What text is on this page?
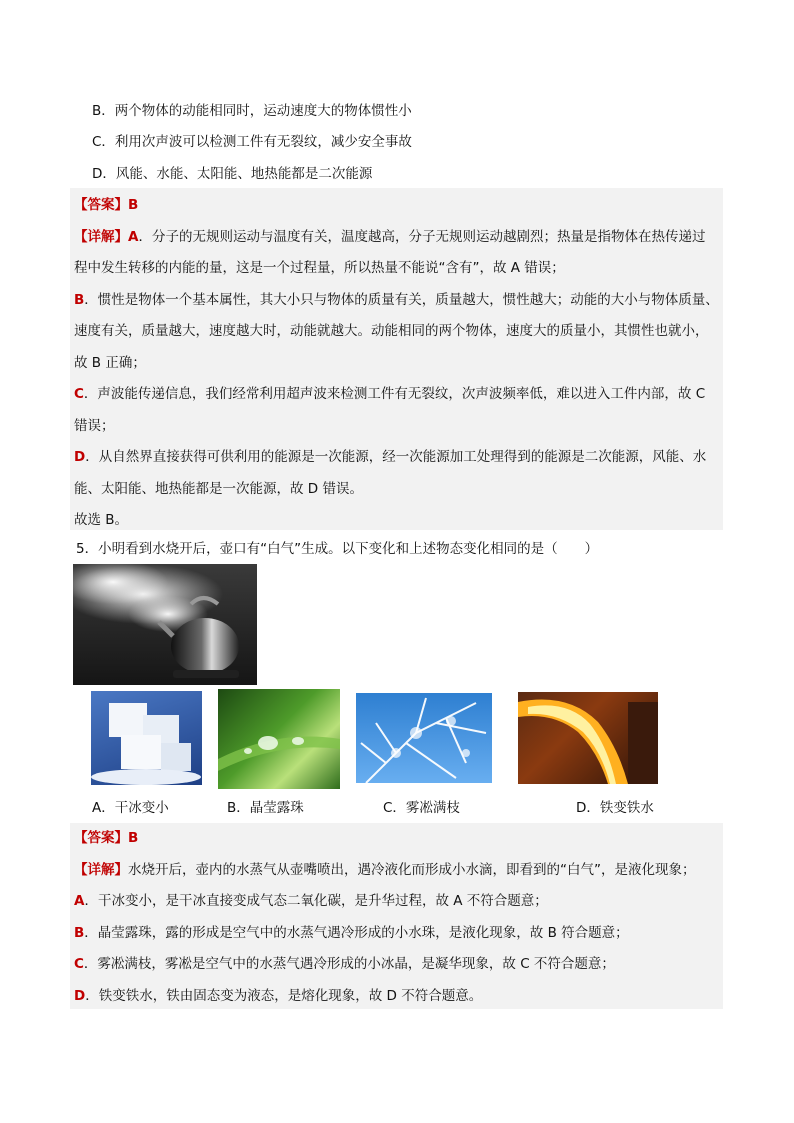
B．两个物体的动能相同时，运动速度大的物体惯性小
C．利用次声波可以检测工件有无裂纹，减少安全事故
D．风能、水能、太阳能、地热能都是二次能源
【答案】B
【详解】A．分子的无规则运动与温度有关，温度越高，分子无规则运动越剧烈；热量是指物体在热传递过
程中发生转移的内能的量，这是一个过程量，所以热量不能说“含有”，故 A 错误；
B．惯性是物体一个基本属性，其大小只与物体的质量有关，质量越大，惯性越大；动能的大小与物体质量、
速度有关，质量越大，速度越大时，动能就越大。动能相同的两个物体，速度大的质量小，其惯性也就小，
故 B 正确；
C．声波能传递信息，我们经常利用超声波来检测工件有无裂纹，次声波频率低，难以进入工件内部，故 C
错误；
D．从自然界直接获得可供利用的能源是一次能源，经一次能源加工处理得到的能源是二次能源，风能、水
能、太阳能、地热能都是一次能源，故 D 错误。
故选 B。
5．小明看到水烧开后，壶口有“白气”生成。以下变化和上述物态变化相同的是（　　）
A．干冰变小	B．晶莹露珠	C．雾凇满枝	D．铁变铁水
【答案】B
【详解】水烧开后，壶内的水蒸气从壶嘴喷出，遇冷液化而形成小水滴，即看到的“白气”，是液化现象；
A．干冰变小，是干冰直接变成气态二氧化碳，是升华过程，故 A 不符合题意；
B．晶莹露珠，露的形成是空气中的水蒸气遇冷形成的小水珠，是液化现象，故 B 符合题意；
C．雾凇满枝，雾凇是空气中的水蒸气遇冷形成的小冰晶，是凝华现象，故 C 不符合题意；
D．铁变铁水，铁由固态变为液态，是熔化现象，故 D 不符合题意。
